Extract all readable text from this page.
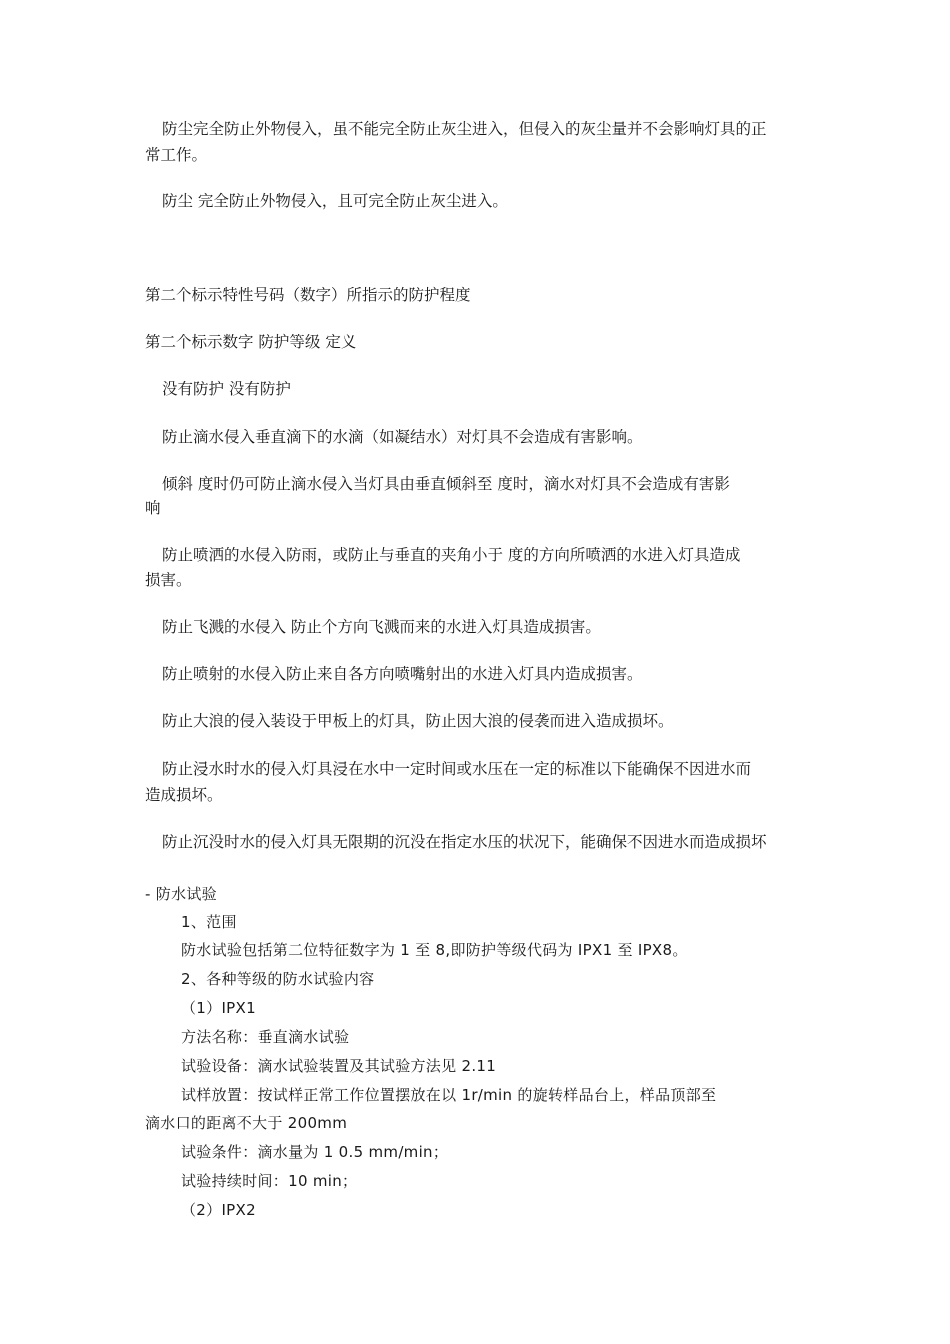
防尘完全防止外物侵入，虽不能完全防止灰尘进入，但侵入的灰尘量并不会影响灯具的正
常工作。
防尘 完全防止外物侵入，且可完全防止灰尘进入。
第二个标示特性号码（数字）所指示的防护程度
第二个标示数字 防护等级 定义
没有防护 没有防护
防止滴水侵入垂直滴下的水滴（如凝结水）对灯具不会造成有害影响。
倾斜 度时仍可防止滴水侵入当灯具由垂直倾斜至 度时，滴水对灯具不会造成有害影
响
防止喷洒的水侵入防雨，或防止与垂直的夹角小于 度的方向所喷洒的水进入灯具造成
损害。
防止飞溅的水侵入 防止个方向飞溅而来的水进入灯具造成损害。
防止喷射的水侵入防止来自各方向喷嘴射出的水进入灯具内造成损害。
防止大浪的侵入装设于甲板上的灯具，防止因大浪的侵袭而进入造成损坏。
防止浸水时水的侵入灯具浸在水中一定时间或水压在一定的标准以下能确保不因进水而
造成损坏。
防止沉没时水的侵入灯具无限期的沉没在指定水压的状况下，能确保不因进水而造成损坏
- 防水试验
1、范围
防水试验包括第二位特征数字为 1 至 8,即防护等级代码为 IPX1 至 IPX8。
2、各种等级的防水试验内容
（1）IPX1
方法名称：垂直滴水试验
试验设备：滴水试验装置及其试验方法见 2.11
试样放置：按试样正常工作位置摆放在以 1r/min 的旋转样品台上，样品顶部至
滴水口的距离不大于 200mm
试验条件：滴水量为 1 0.5 mm/min；
试验持续时间：10 min；
（2）IPX2
